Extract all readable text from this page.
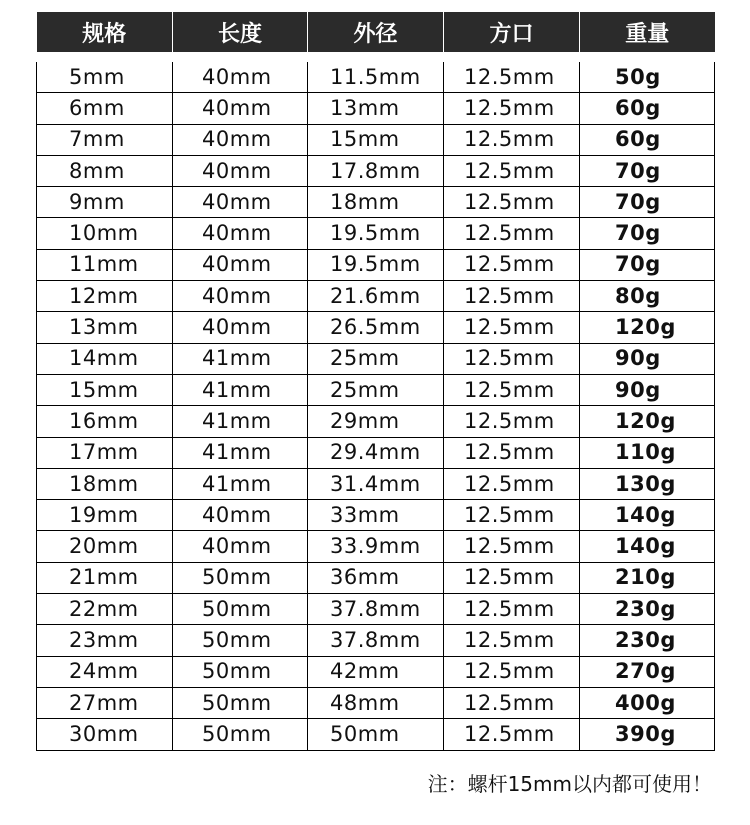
规格	长度	外径	方口	重量
5mm	40mm	11.5mm	12.5mm	50g
6mm	40mm	13mm	12.5mm	60g
7mm	40mm	15mm	12.5mm	60g
8mm	40mm	17.8mm	12.5mm	70g
9mm	40mm	18mm	12.5mm	70g
10mm	40mm	19.5mm	12.5mm	70g
11mm	40mm	19.5mm	12.5mm	70g
12mm	40mm	21.6mm	12.5mm	80g
13mm	40mm	26.5mm	12.5mm	120g
14mm	41mm	25mm	12.5mm	90g
15mm	41mm	25mm	12.5mm	90g
16mm	41mm	29mm	12.5mm	120g
17mm	41mm	29.4mm	12.5mm	110g
18mm	41mm	31.4mm	12.5mm	130g
19mm	40mm	33mm	12.5mm	140g
20mm	40mm	33.9mm	12.5mm	140g
21mm	50mm	36mm	12.5mm	210g
22mm	50mm	37.8mm	12.5mm	230g
23mm	50mm	37.8mm	12.5mm	230g
24mm	50mm	42mm	12.5mm	270g
27mm	50mm	48mm	12.5mm	400g
30mm	50mm	50mm	12.5mm	390g
注：螺杆15mm以内都可使用！
